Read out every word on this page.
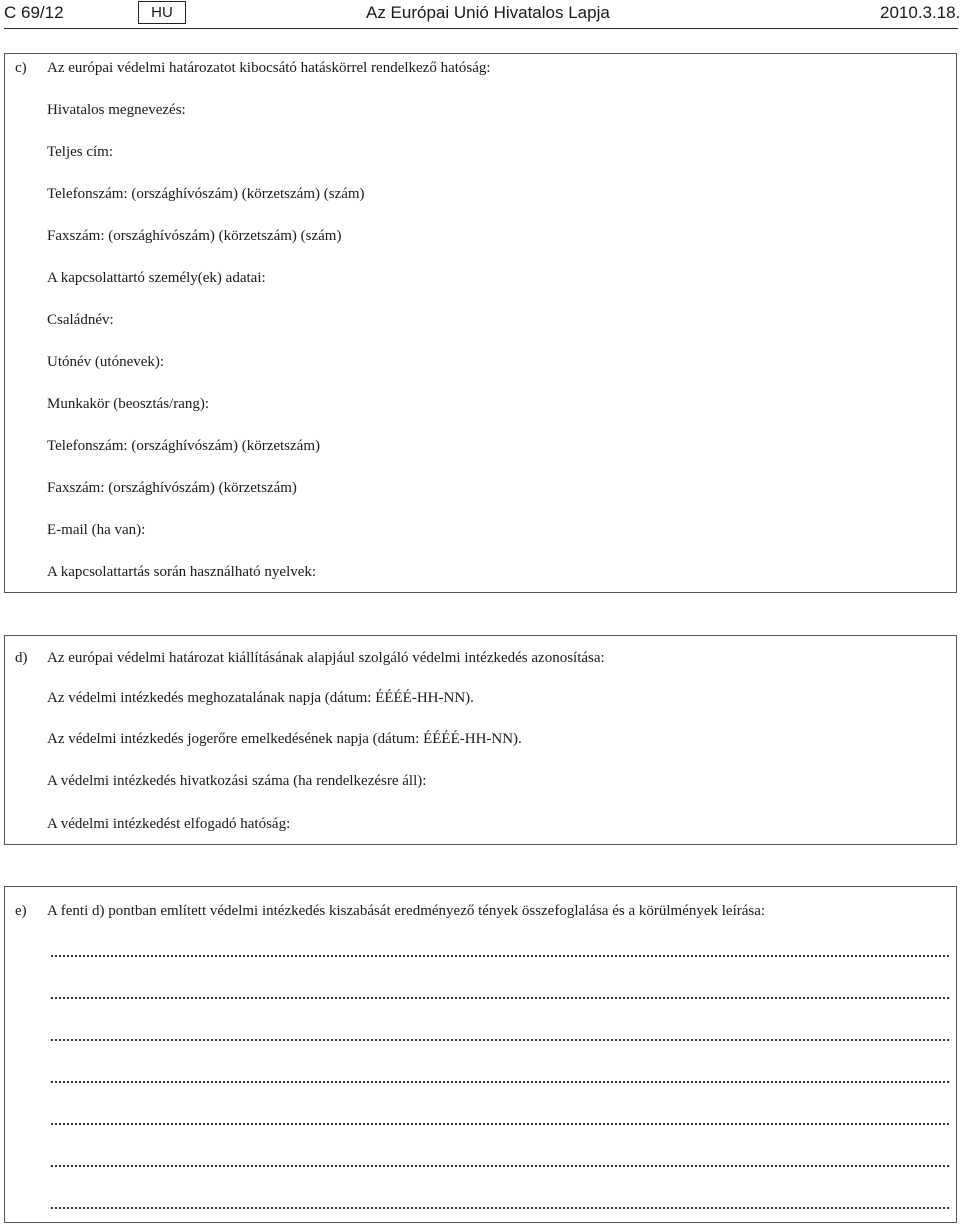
C 69/12	HU	Az Európai Unió Hivatalos Lapja	2010.3.18.
c) Az európai védelmi határozatot kibocsátó hatáskörrel rendelkező hatóság:
Hivatalos megnevezés:
Teljes cím:
Telefonszám: (országhívószám) (körzetszám) (szám)
Faxszám: (országhívószám) (körzetszám) (szám)
A kapcsolattartó személy(ek) adatai:
Családnév:
Utónév (utónevek):
Munkakör (beosztás/rang):
Telefonszám: (országhívószám) (körzetszám)
Faxszám: (országhívószám) (körzetszám)
E-mail (ha van):
A kapcsolattartás során használható nyelvek:
d) Az európai védelmi határozat kiállításának alapjául szolgáló védelmi intézkedés azonosítása:
Az védelmi intézkedés meghozatalának napja (dátum: ÉÉÉÉ-HH-NN).
Az védelmi intézkedés jogerőre emelkedésének napja (dátum: ÉÉÉÉ-HH-NN).
A védelmi intézkedés hivatkozási száma (ha rendelkezésre áll):
A védelmi intézkedést elfogadó hatóság:
e) A fenti d) pontban említett védelmi intézkedés kiszabását eredményező tények összefoglalása és a körülmények leírása:
